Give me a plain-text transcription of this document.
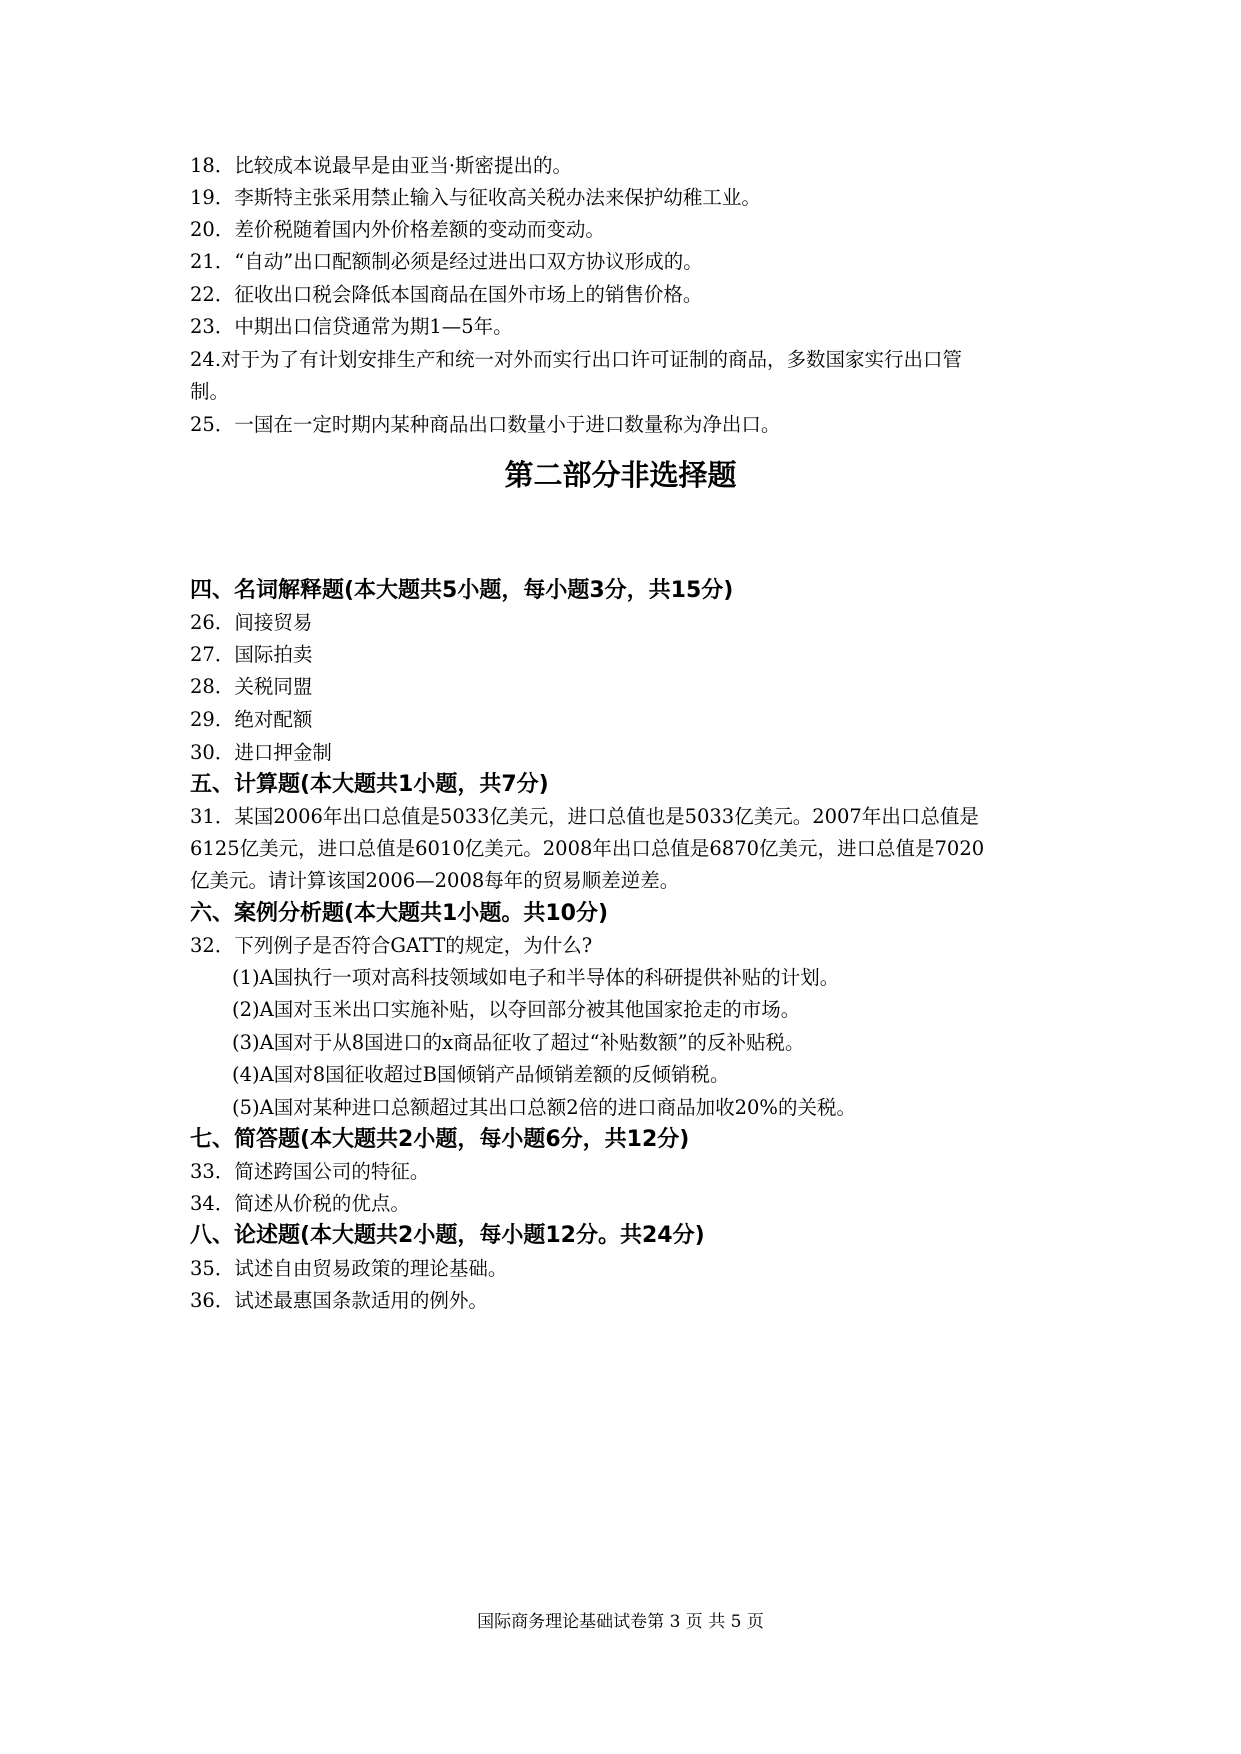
18．比较成本说最早是由亚当·斯密提出的。
19．李斯特主张采用禁止输入与征收高关税办法来保护幼稚工业。
20．差价税随着国内外价格差额的变动而变动。
21．“自动”出口配额制必须是经过进出口双方协议形成的。
22．征收出口税会降低本国商品在国外市场上的销售价格。
23．中期出口信贷通常为期1—5年。
24.对于为了有计划安排生产和统一对外而实行出口许可证制的商品，多数国家实行出口管
制。
25．一国在一定时期内某种商品出口数量小于进口数量称为净出口。
第二部分非选择题
四、名词解释题(本大题共5小题，每小题3分，共15分)
26．间接贸易
27．国际拍卖
28．关税同盟
29．绝对配额
30．进口押金制
五、计算题(本大题共1小题，共7分)
31．某国2006年出口总值是5033亿美元，进口总值也是5033亿美元。2007年出口总值是
6125亿美元，进口总值是6010亿美元。2008年出口总值是6870亿美元，进口总值是7020
亿美元。请计算该国2006—2008每年的贸易顺差逆差。
六、案例分析题(本大题共1小题。共10分)
32．下列例子是否符合GATT的规定，为什么?
(1)A国执行一项对高科技领域如电子和半导体的科研提供补贴的计划。
(2)A国对玉米出口实施补贴，以夺回部分被其他国家抢走的市场。
(3)A国对于从8国进口的x商品征收了超过“补贴数额”的反补贴税。
(4)A国对8国征收超过B国倾销产品倾销差额的反倾销税。
(5)A国对某种进口总额超过其出口总额2倍的进口商品加收20%的关税。
七、简答题(本大题共2小题，每小题6分，共12分)
33．简述跨国公司的特征。
34．简述从价税的优点。
八、论述题(本大题共2小题，每小题12分。共24分)
35．试述自由贸易政策的理论基础。
36．试述最惠国条款适用的例外。
国际商务理论基础试卷第 3 页 共 5 页
